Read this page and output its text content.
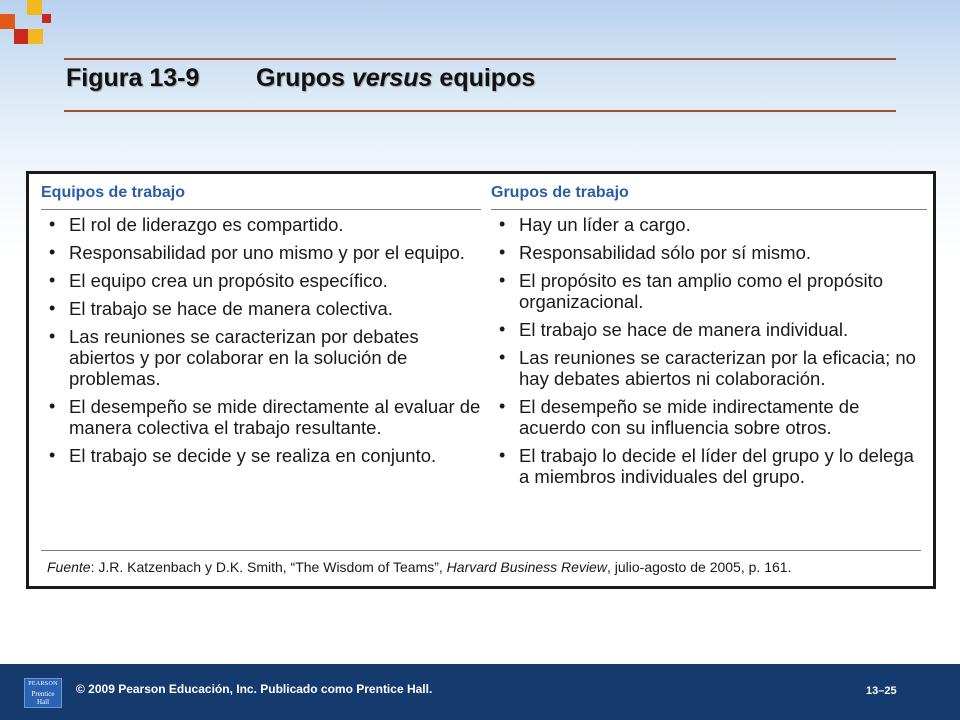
Figura 13-9 Grupos versus equipos
Equipos de trabajo
• El rol de liderazgo es compartido.
• Responsabilidad por uno mismo y por el equipo.
• El equipo crea un propósito específico.
• El trabajo se hace de manera colectiva.
• Las reuniones se caracterizan por debates abiertos y por colaborar en la solución de problemas.
• El desempeño se mide directamente al evaluar de manera colectiva el trabajo resultante.
• El trabajo se decide y se realiza en conjunto.
Grupos de trabajo
• Hay un líder a cargo.
• Responsabilidad sólo por sí mismo.
• El propósito es tan amplio como el propósito organizacional.
• El trabajo se hace de manera individual.
• Las reuniones se caracterizan por la eficacia; no hay debates abiertos ni colaboración.
• El desempeño se mide indirectamente de acuerdo con su influencia sobre otros.
• El trabajo lo decide el líder del grupo y lo delega a miembros individuales del grupo.
Fuente: J.R. Katzenbach y D.K. Smith, “The Wisdom of Teams”, Harvard Business Review, julio-agosto de 2005, p. 161.
PEARSON
Prentice Hall
© 2009 Pearson Educación, Inc. Publicado como Prentice Hall.	13–25
